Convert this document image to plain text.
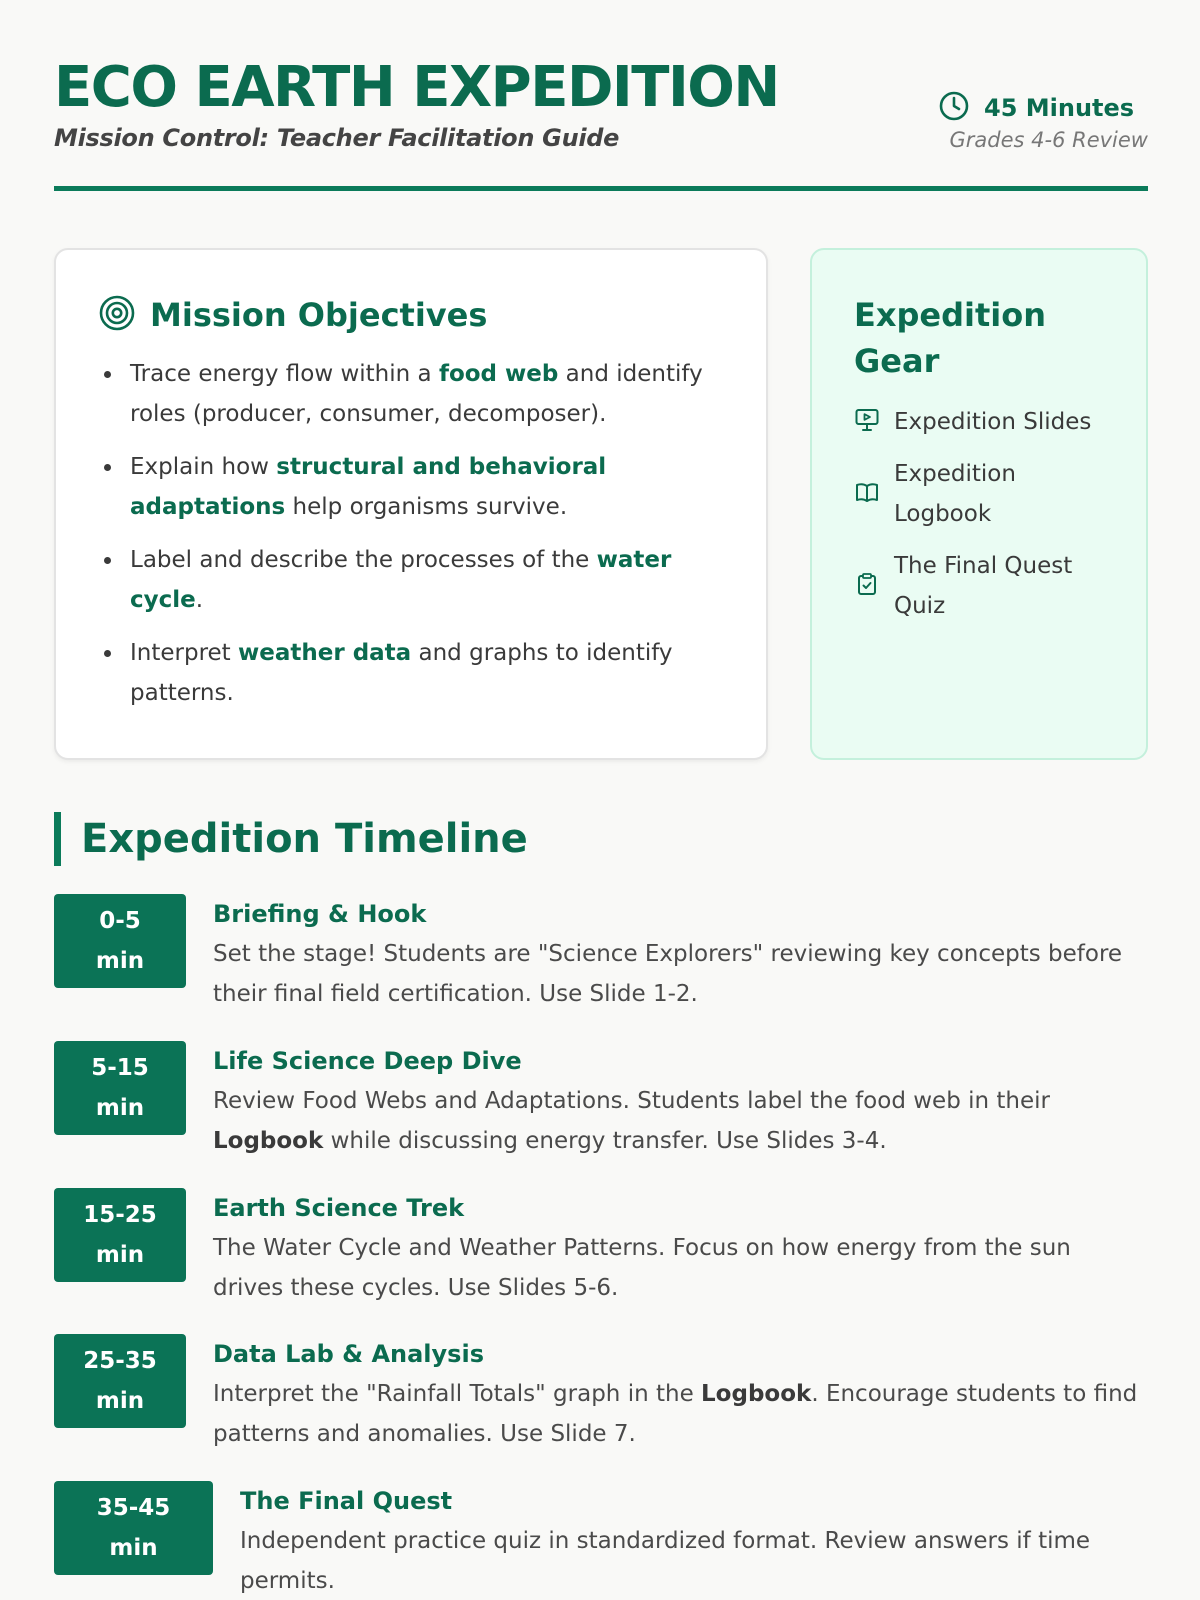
ECO EARTH EXPEDITION
Mission Control: Teacher Facilitation Guide
45 Minutes
Grades 4-6 Review
Mission Objectives
Trace energy flow within a food web and identify roles (producer, consumer, decomposer).
Explain how structural and behavioral adaptations help organisms survive.
Label and describe the processes of the water cycle.
Interpret weather data and graphs to identify patterns.
Expedition Gear
Expedition Slides
Expedition Logbook
The Final Quest Quiz
Expedition Timeline
0-5
min
Briefing & Hook
Set the stage! Students are "Science Explorers" reviewing key concepts before their final field certification. Use Slide 1-2.
5-15
min
Life Science Deep Dive
Review Food Webs and Adaptations. Students label the food web in their Logbook while discussing energy transfer. Use Slides 3-4.
15-25
min
Earth Science Trek
The Water Cycle and Weather Patterns. Focus on how energy from the sun drives these cycles. Use Slides 5-6.
25-35
min
Data Lab & Analysis
Interpret the "Rainfall Totals" graph in the Logbook. Encourage students to find patterns and anomalies. Use Slide 7.
35-45
min
The Final Quest
Independent practice quiz in standardized format. Review answers if time permits.
